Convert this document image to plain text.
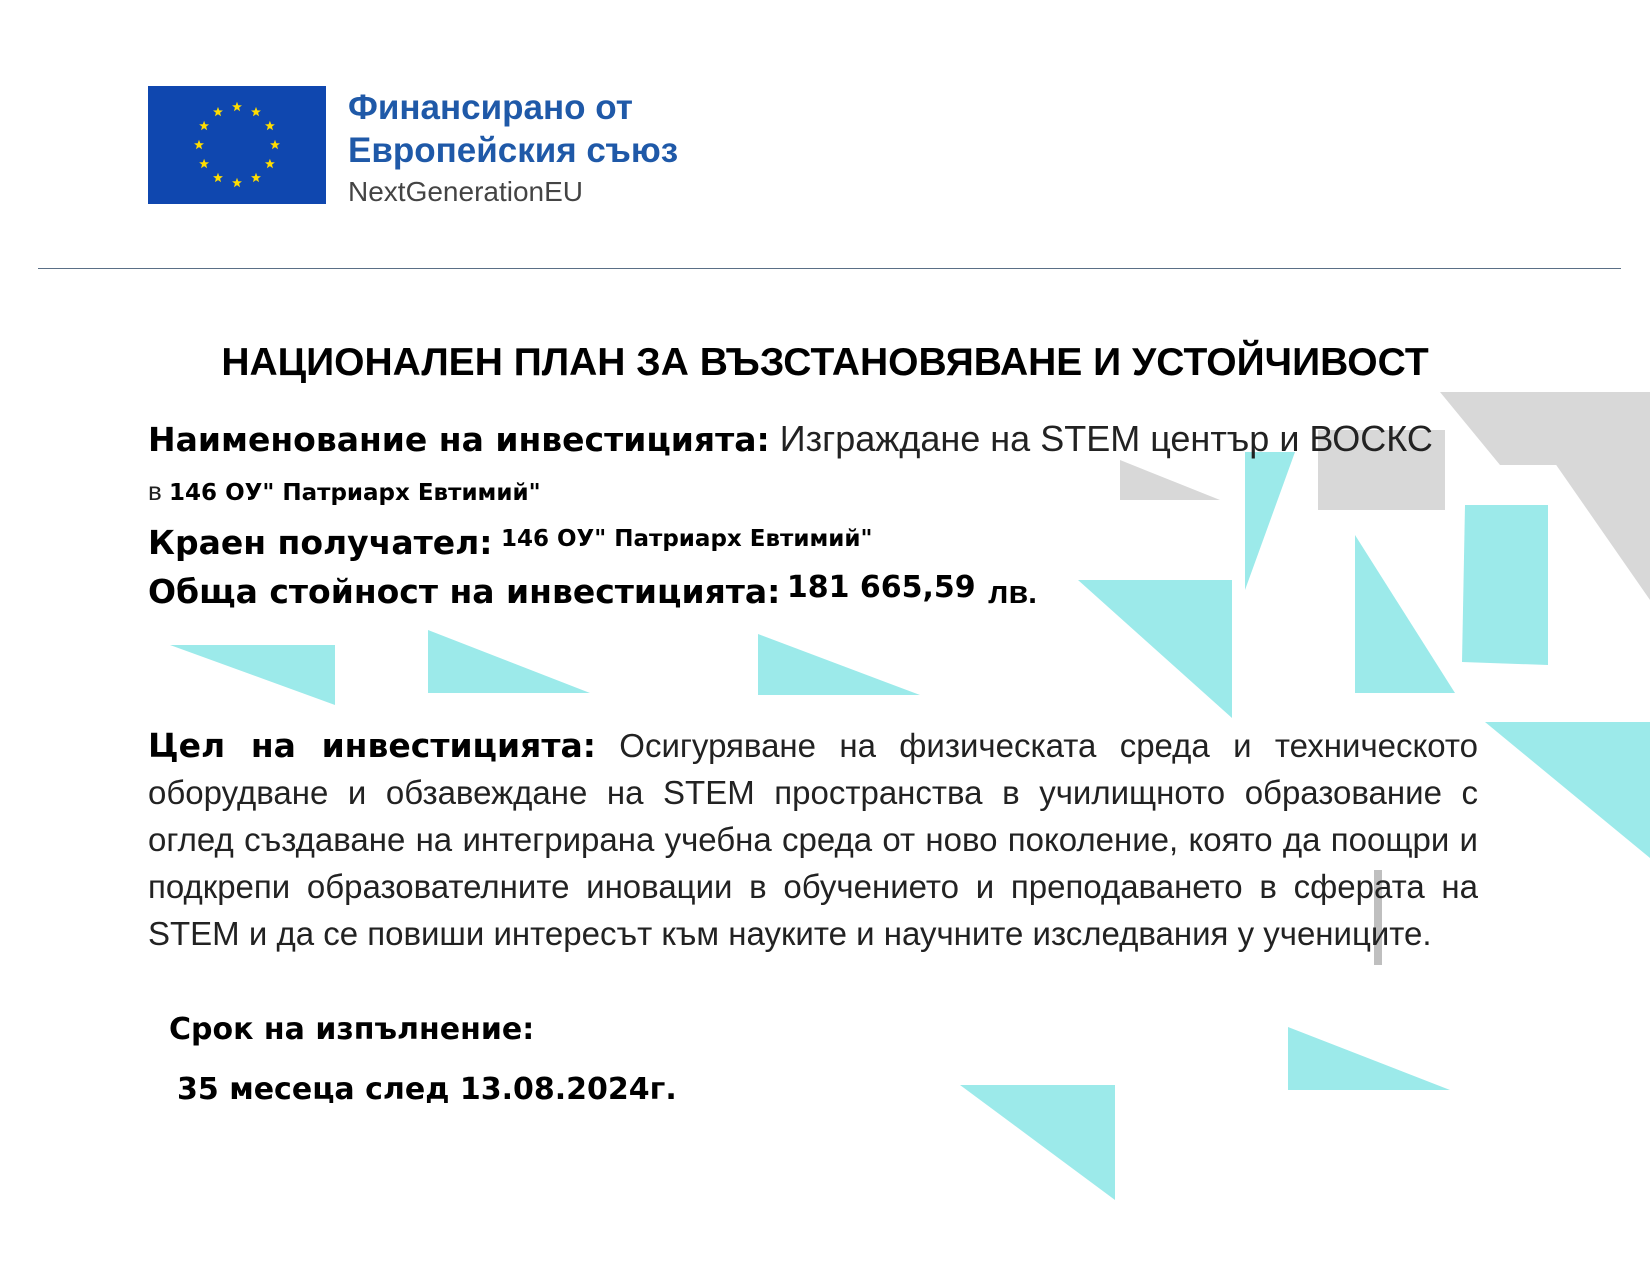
Финансирано от
Европейския съюз
NextGenerationEU
НАЦИОНАЛЕН ПЛАН ЗА ВЪЗСТАНОВЯВАНЕ И УСТОЙЧИВОСТ
Наименование на инвестицията: Изграждане на STEM център и ВОСКС
в 146 ОУ" Патриарх Евтимий"
Краен получател: 146 ОУ" Патриарх Евтимий"
Обща стойност на инвестицията: 181 665,59 лв.
Цел на инвестицията: Осигуряване на физическата среда и техническото оборудване и обзавеждане на STEM пространства в училищното образование с оглед създаване на интегрирана учебна среда от ново поколение, която да поощри и подкрепи образователните иновации в обучението и преподаването в сферата на STEM и да се повиши интересът към науките и научните изследвания у учениците.
Срок на изпълнение:
35 месеца след 13.08.2024г.
